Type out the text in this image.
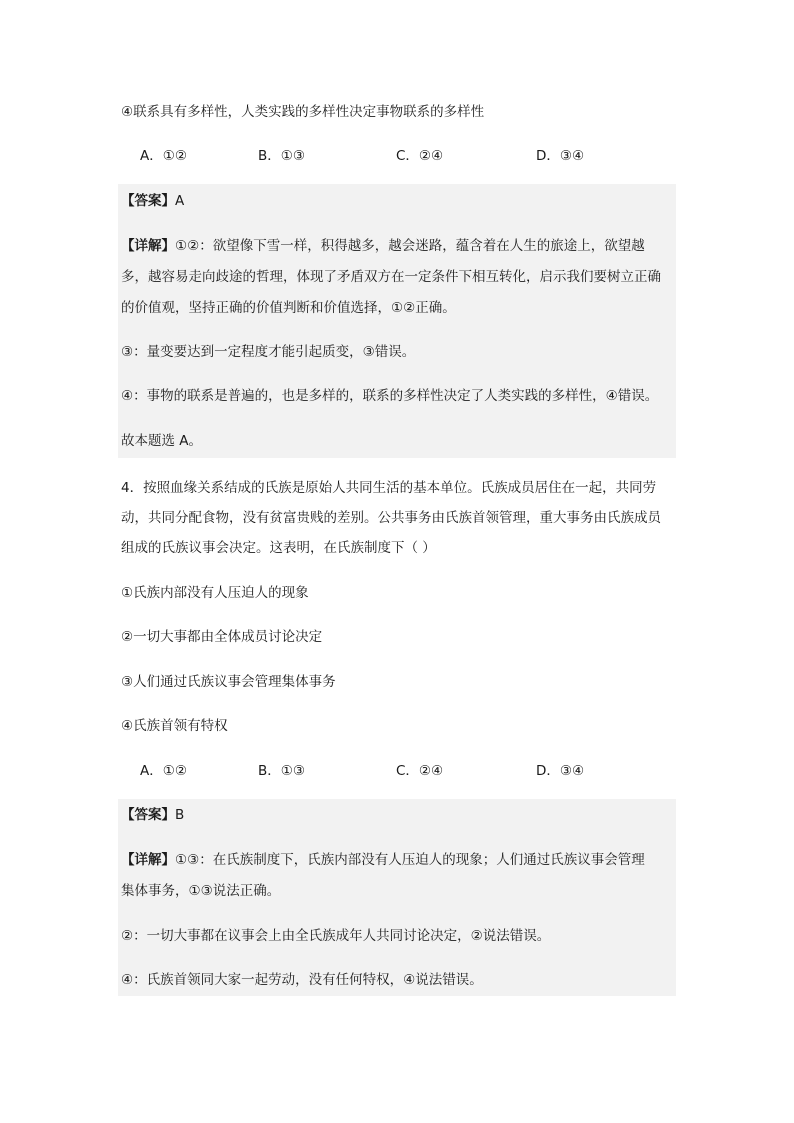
④联系具有多样性，人类实践的多样性决定事物联系的多样性
A．①②	B．①③	C．②④	D．③④
【答案】A
【详解】①②：欲望像下雪一样，积得越多，越会迷路，蕴含着在人生的旅途上，欲望越
多，越容易走向歧途的哲理，体现了矛盾双方在一定条件下相互转化，启示我们要树立正确
的价值观，坚持正确的价值判断和价值选择，①②正确。
③：量变要达到一定程度才能引起质变，③错误。
④：事物的联系是普遍的，也是多样的，联系的多样性决定了人类实践的多样性，④错误。
故本题选 A。
4．按照血缘关系结成的氏族是原始人共同生活的基本单位。氏族成员居住在一起，共同劳
动，共同分配食物，没有贫富贵贱的差别。公共事务由氏族首领管理，重大事务由氏族成员
组成的氏族议事会决定。这表明，在氏族制度下（ ）
①氏族内部没有人压迫人的现象
②一切大事都由全体成员讨论决定
③人们通过氏族议事会管理集体事务
④氏族首领有特权
A．①②	B．①③	C．②④	D．③④
【答案】B
【详解】①③：在氏族制度下，氏族内部没有人压迫人的现象；人们通过氏族议事会管理
集体事务，①③说法正确。
②：一切大事都在议事会上由全氏族成年人共同讨论决定，②说法错误。
④：氏族首领同大家一起劳动，没有任何特权，④说法错误。
